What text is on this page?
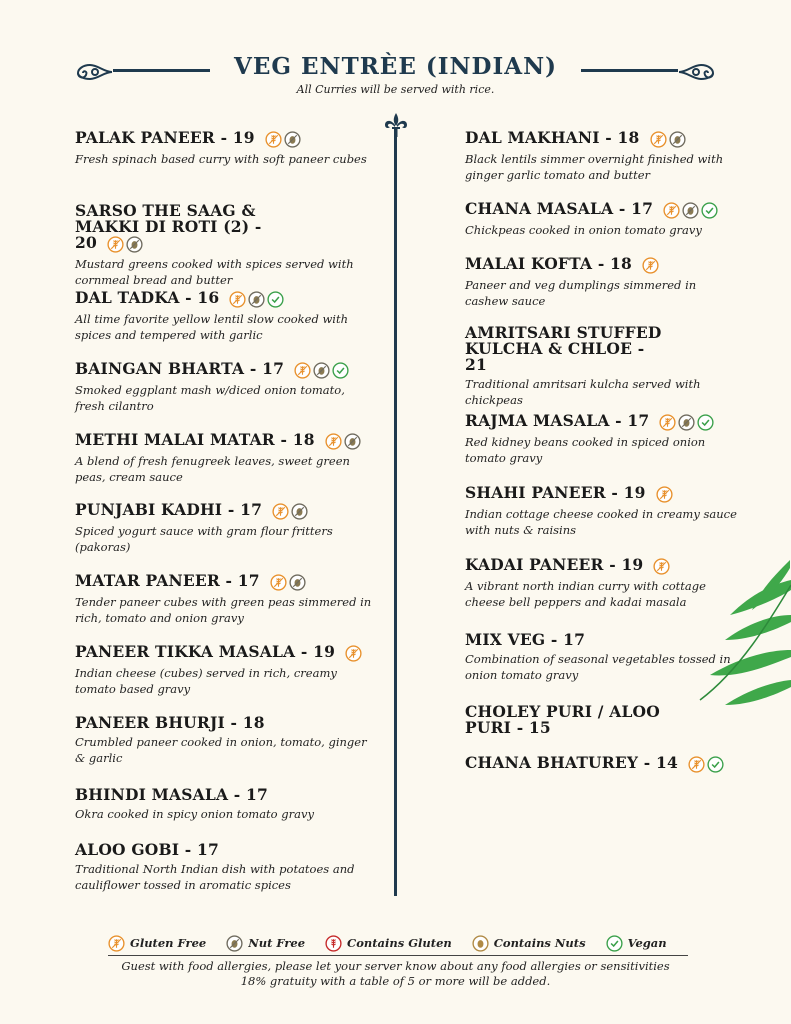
VEG ENTRÈE (INDIAN)
All Curries will be served with rice.
PALAK PANEER - 19
Fresh spinach based curry with soft paneer cubes
SARSO THE SAAG & MAKKI DI ROTI (2) - 20
Mustard greens cooked with spices served with cornmeal bread and butter
DAL TADKA - 16
All time favorite yellow lentil slow cooked with spices and tempered with garlic
BAINGAN BHARTA - 17
Smoked eggplant mash w/diced onion tomato, fresh cilantro
METHI MALAI MATAR - 18
A blend of fresh fenugreek leaves, sweet green peas, cream sauce
PUNJABI KADHI - 17
Spiced yogurt sauce with gram flour fritters (pakoras)
MATAR PANEER - 17
Tender paneer cubes with green peas simmered in rich, tomato and onion gravy
PANEER TIKKA MASALA - 19
Indian cheese (cubes) served in rich, creamy tomato based gravy
PANEER BHURJI - 18
Crumbled paneer cooked in onion, tomato, ginger & garlic
BHINDI MASALA - 17
Okra cooked in spicy onion tomato gravy
ALOO GOBI - 17
Traditional North Indian dish with potatoes and cauliflower tossed in aromatic spices
DAL MAKHANI - 18
Black lentils simmer overnight finished with ginger garlic tomato and butter
CHANA MASALA - 17
Chickpeas cooked in onion tomato gravy
MALAI KOFTA - 18
Paneer and veg dumplings simmered in cashew sauce
AMRITSARI STUFFED KULCHA & CHLOE - 21
Traditional amritsari kulcha served with chickpeas
RAJMA MASALA - 17
Red kidney beans cooked in spiced onion tomato gravy
SHAHI PANEER - 19
Indian cottage cheese cooked in creamy sauce with nuts & raisins
KADAI PANEER - 19
A vibrant north indian curry with cottage cheese bell peppers and kadai masala
MIX VEG - 17
Combination of seasonal vegetables tossed in onion tomato gravy
CHOLEY PURI / ALOO PURI - 15
CHANA BHATUREY - 14
Gluten Free	Nut Free	Contains Gluten	Contains Nuts	Vegan
Guest with food allergies, please let your server know about any food allergies or sensitivities
18% gratuity with a table of 5 or more will be added.
